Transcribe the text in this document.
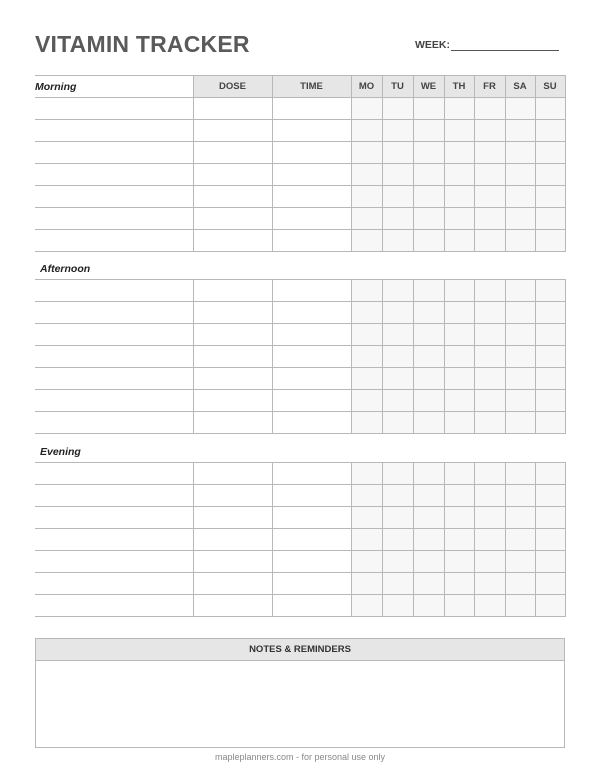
VITAMIN TRACKER	WEEK:
Morning	DOSE	TIME	MO	TU	WE	TH	FR	SA	SU

Afternoon

Evening

NOTES & REMINDERS
mapleplanners.com - for personal use only
